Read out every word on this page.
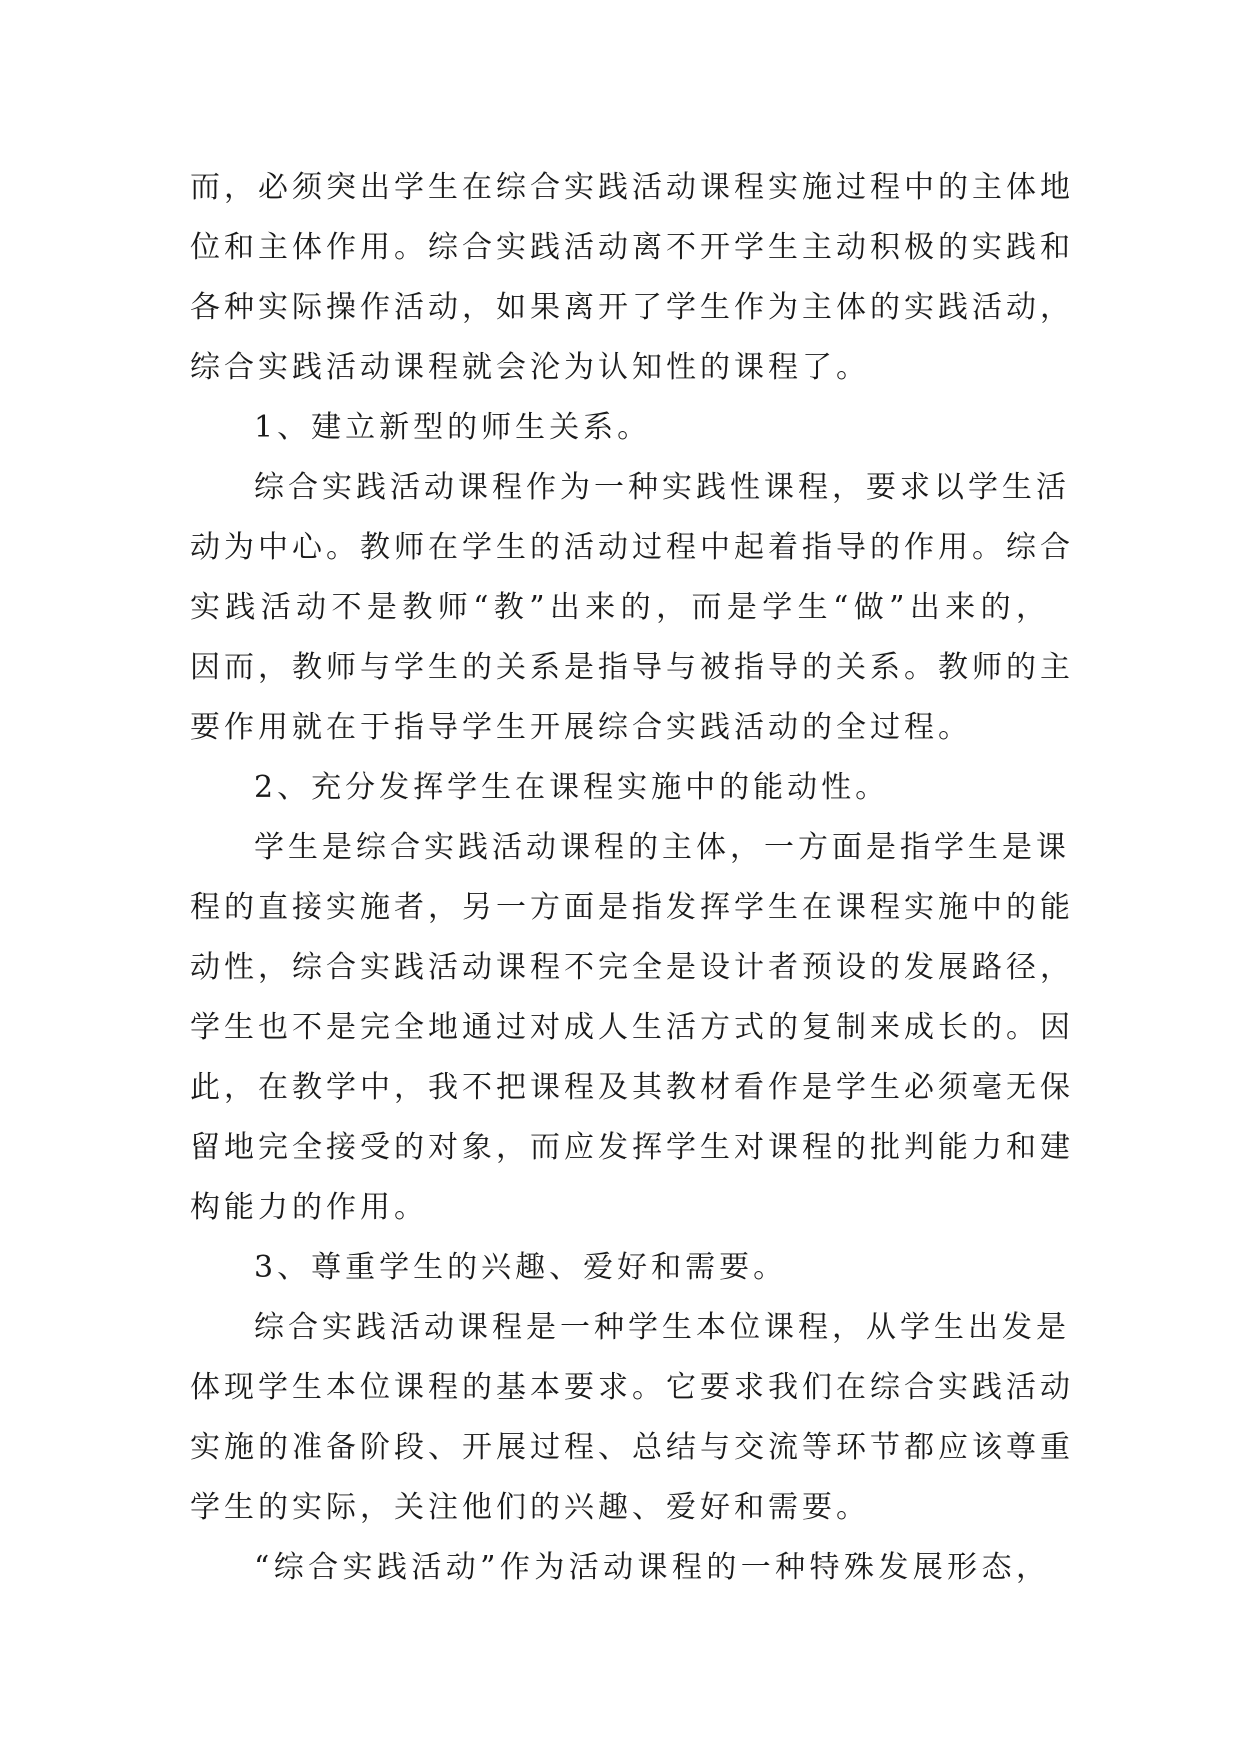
而，必须突出学生在综合实践活动课程实施过程中的主体地
位和主体作用。综合实践活动离不开学生主动积极的实践和
各种实际操作活动，如果离开了学生作为主体的实践活动，
综合实践活动课程就会沦为认知性的课程了。
1、建立新型的师生关系。
综合实践活动课程作为一种实践性课程，要求以学生活
动为中心。教师在学生的活动过程中起着指导的作用。综合
实践活动不是教师“教”出来的，而是学生“做”出来的，
因而，教师与学生的关系是指导与被指导的关系。教师的主
要作用就在于指导学生开展综合实践活动的全过程。
2、充分发挥学生在课程实施中的能动性。
学生是综合实践活动课程的主体，一方面是指学生是课
程的直接实施者，另一方面是指发挥学生在课程实施中的能
动性，综合实践活动课程不完全是设计者预设的发展路径，
学生也不是完全地通过对成人生活方式的复制来成长的。因
此，在教学中，我不把课程及其教材看作是学生必须毫无保
留地完全接受的对象，而应发挥学生对课程的批判能力和建
构能力的作用。
3、尊重学生的兴趣、爱好和需要。
综合实践活动课程是一种学生本位课程，从学生出发是
体现学生本位课程的基本要求。它要求我们在综合实践活动
实施的准备阶段、开展过程、总结与交流等环节都应该尊重
学生的实际，关注他们的兴趣、爱好和需要。
“综合实践活动”作为活动课程的一种特殊发展形态，
